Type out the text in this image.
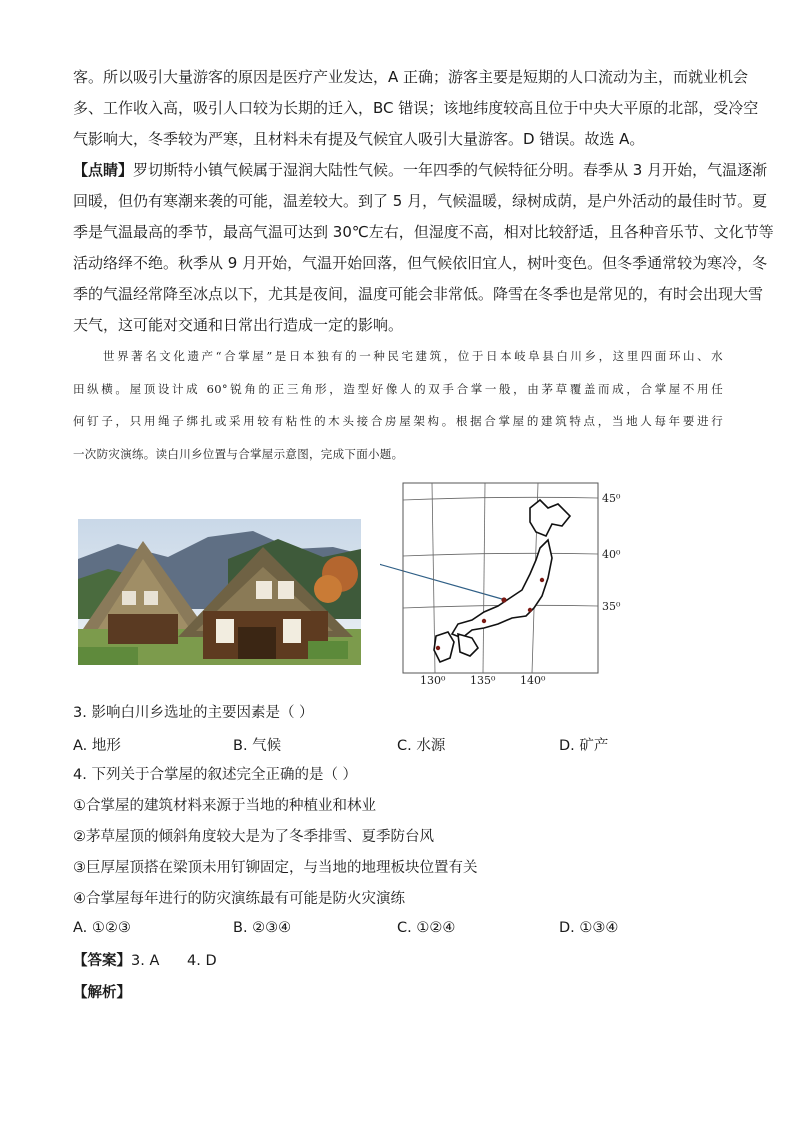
客。所以吸引大量游客的原因是医疗产业发达，A 正确；游客主要是短期的人口流动为主，而就业机会
多、工作收入高，吸引人口较为长期的迁入，BC 错误；该地纬度较高且位于中央大平原的北部，受冷空
气影响大，冬季较为严寒，且材料未有提及气候宜人吸引大量游客。D 错误。故选 A。
【点睛】罗切斯特小镇气候属于湿润大陆性气候。一年四季的气候特征分明。春季从 3 月开始，气温逐渐
回暖，但仍有寒潮来袭的可能，温差较大。到了 5 月，气候温暖，绿树成荫，是户外活动的最佳时节。夏
季是气温最高的季节，最高气温可达到 30℃左右，但湿度不高，相对比较舒适，且各种音乐节、文化节等
活动络绎不绝。秋季从 9 月开始，气温开始回落，但气候依旧宜人，树叶变色。但冬季通常较为寒冷，冬
季的气温经常降至冰点以下，尤其是夜间，温度可能会非常低。降雪在冬季也是常见的，有时会出现大雪
天气，这可能对交通和日常出行造成一定的影响。
世界著名文化遗产“合掌屋”是日本独有的一种民宅建筑，位于日本岐阜县白川乡，这里四面环山、水
田纵横。屋顶设计成 60°锐角的正三角形，造型好像人的双手合掌一般，由茅草覆盖而成，合掌屋不用任
何钉子，只用绳子绑扎或采用较有粘性的木头接合房屋架构。根据合掌屋的建筑特点，当地人每年要进行
一次防灾演练。读白川乡位置与合掌屋示意图，完成下面小题。
45⁰
40⁰
35⁰
130⁰ 135⁰ 140⁰
3. 影响白川乡选址的主要因素是（ ）
A. 地形	B. 气候	C. 水源	D. 矿产
4. 下列关于合掌屋的叙述完全正确的是（ ）
①合掌屋的建筑材料来源于当地的种植业和林业
②茅草屋顶的倾斜角度较大是为了冬季排雪、夏季防台风
③巨厚屋顶搭在梁顶未用钉铆固定，与当地的地理板块位置有关
④合掌屋每年进行的防灾演练最有可能是防火灾演练
A. ①②③	B. ②③④	C. ①②④	D. ①③④
【答案】3. A      4. D
【解析】
